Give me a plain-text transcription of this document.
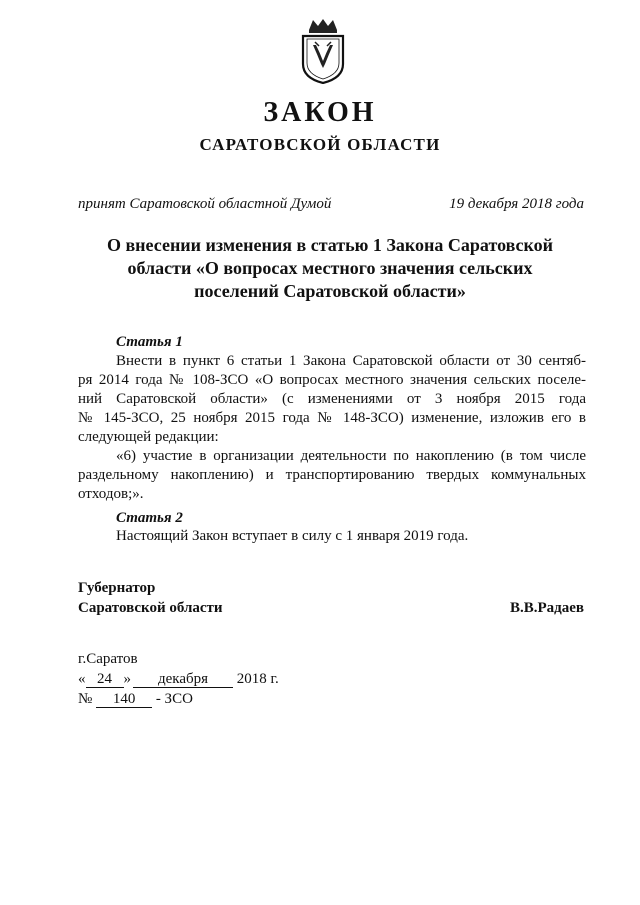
ЗАКОН
САРАТОВСКОЙ ОБЛАСТИ
принят Саратовской областной Думой	19 декабря 2018 года
О внесении изменения в статью 1 Закона Саратовской
области «О вопросах местного значения сельских
поселений Саратовской области»
Статья 1
Внести в пункт 6 статьи 1 Закона Саратовской области от 30 сентяб-
ря 2014 года № 108-ЗСО «О вопросах местного значения сельских поселе-
ний Саратовской области» (с изменениями от 3 ноября 2015 года
№ 145-ЗСО, 25 ноября 2015 года № 148-ЗСО) изменение, изложив его в
следующей редакции:
«6) участие в организации деятельности по накоплению (в том числе
раздельному накоплению) и транспортированию твердых коммунальных
отходов;».
Статья 2
Настоящий Закон вступает в силу с 1 января 2019 года.
Губернатор
Саратовской области	В.В.Радаев
г.Саратов
« 24 » декабря 2018 г.
№ 140 - ЗСО
